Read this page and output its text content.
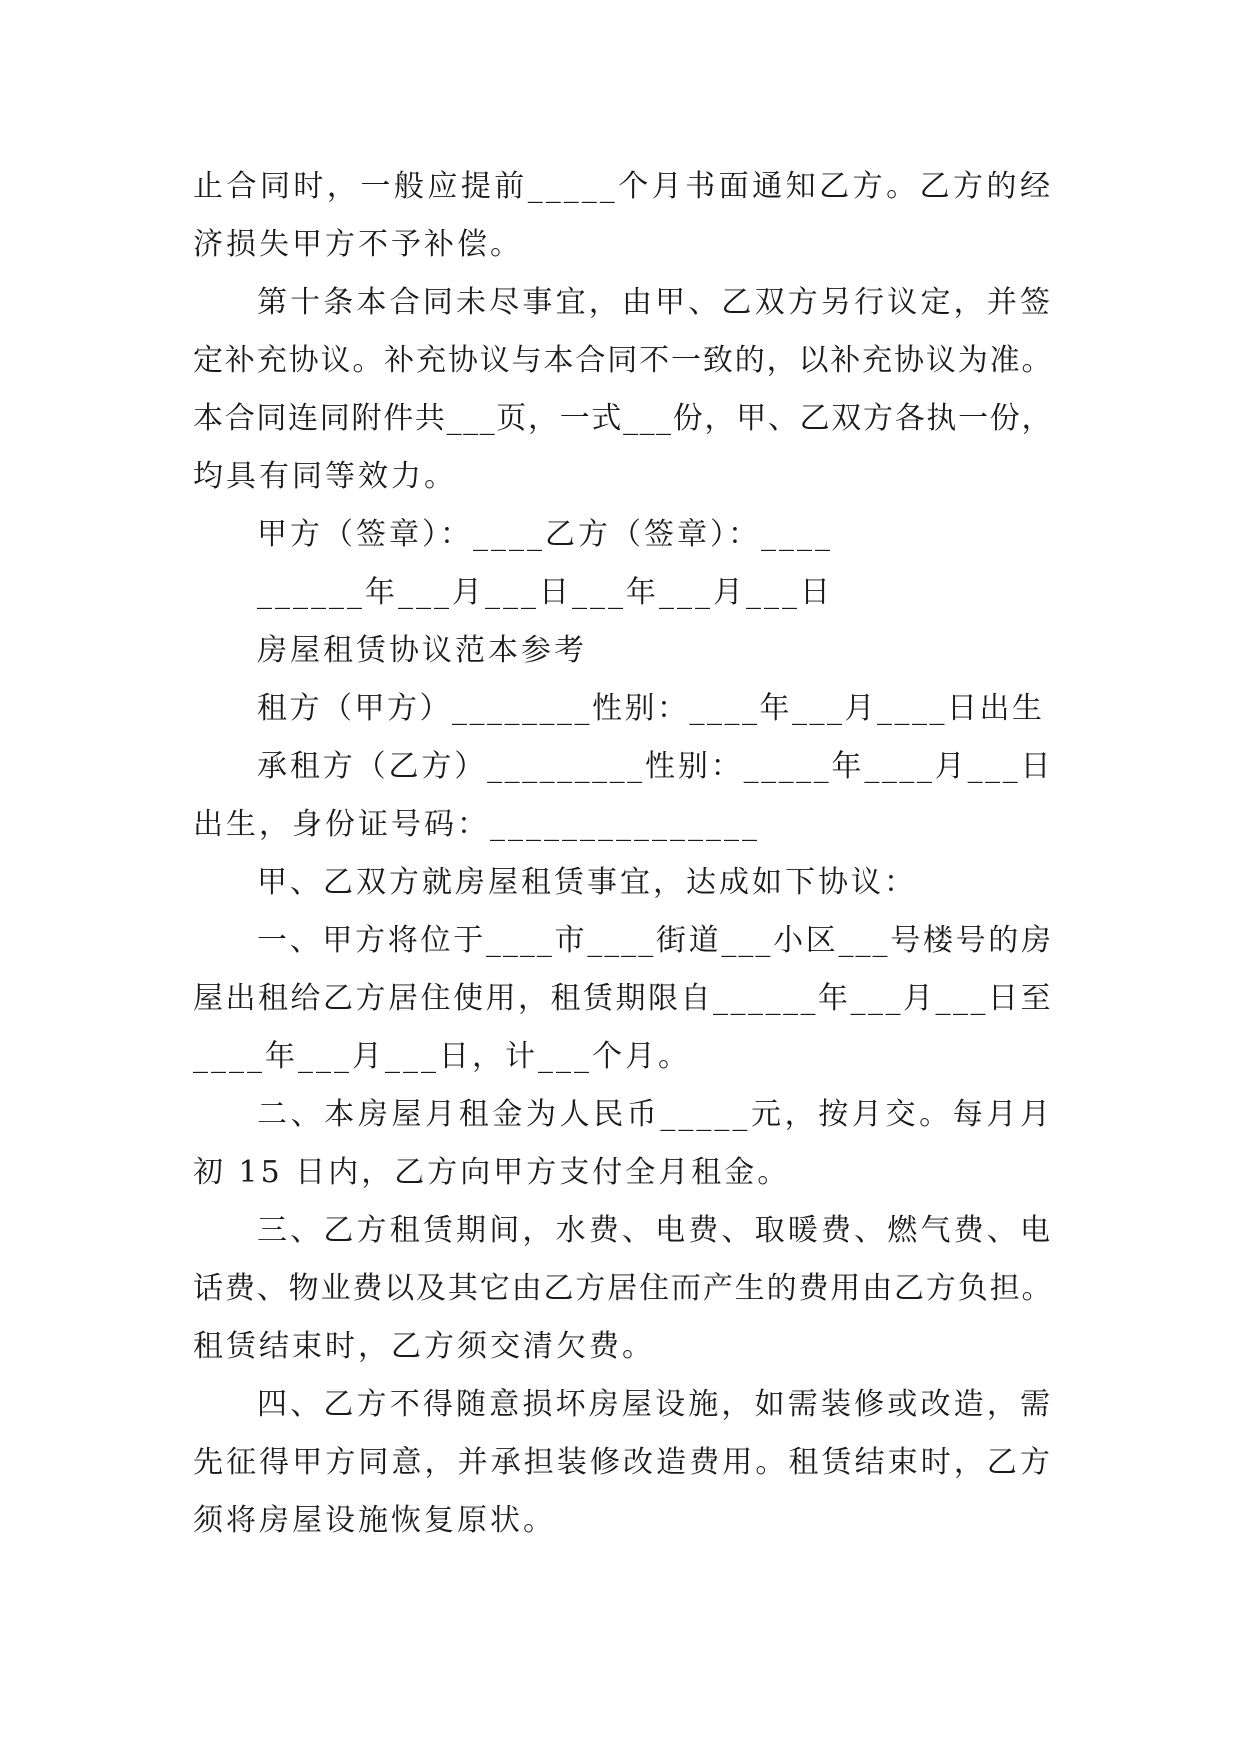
止合同时，一般应提前_____个月书面通知乙方。乙方的经
济损失甲方不予补偿。
第十条本合同未尽事宜，由甲、乙双方另行议定，并签
定补充协议。补充协议与本合同不一致的，以补充协议为准。
本合同连同附件共___页，一式___份，甲、乙双方各执一份，
均具有同等效力。
甲方（签章）：____乙方（签章）：____
______年___月___日___年___月___日
房屋租赁协议范本参考
租方（甲方）________性别：____年___月____日出生
承租方（乙方）_________性别：_____年____月___日
出生，身份证号码：_______________
甲、乙双方就房屋租赁事宜，达成如下协议：
一、甲方将位于____市____街道___小区___号楼号的房
屋出租给乙方居住使用，租赁期限自______年___月___日至
____年___月___日，计___个月。
二、本房屋月租金为人民币_____元，按月交。每月月
初 15 日内，乙方向甲方支付全月租金。
三、乙方租赁期间，水费、电费、取暖费、燃气费、电
话费、物业费以及其它由乙方居住而产生的费用由乙方负担。
租赁结束时，乙方须交清欠费。
四、乙方不得随意损坏房屋设施，如需装修或改造，需
先征得甲方同意，并承担装修改造费用。租赁结束时，乙方
须将房屋设施恢复原状。
